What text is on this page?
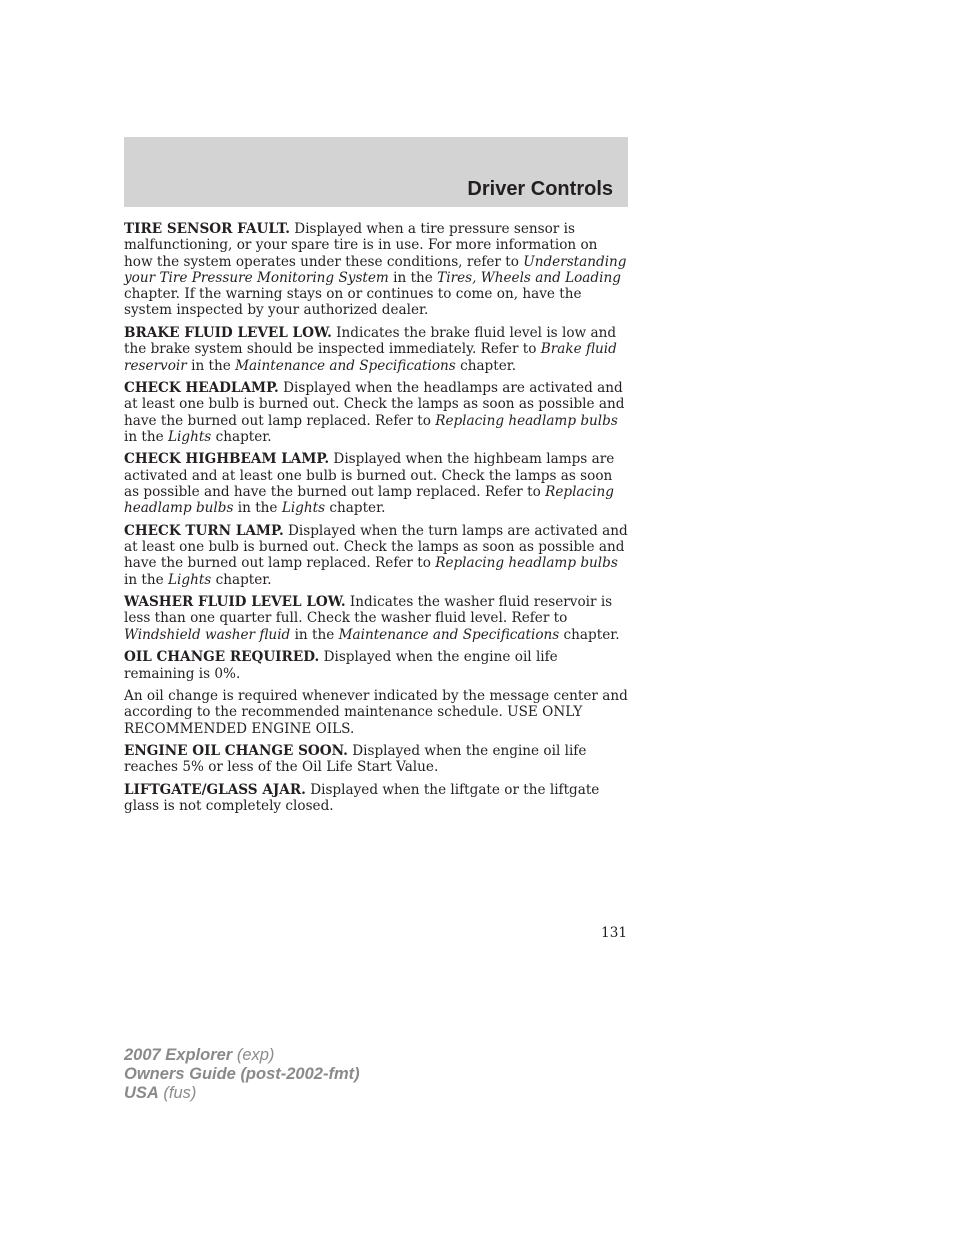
Driver Controls

TIRE SENSOR FAULT. Displayed when a tire pressure sensor is malfunctioning, or your spare tire is in use. For more information on how the system operates under these conditions, refer to Understanding your Tire Pressure Monitoring System in the Tires, Wheels and Loading chapter. If the warning stays on or continues to come on, have the system inspected by your authorized dealer.

BRAKE FLUID LEVEL LOW. Indicates the brake fluid level is low and the brake system should be inspected immediately. Refer to Brake fluid reservoir in the Maintenance and Specifications chapter.

CHECK HEADLAMP. Displayed when the headlamps are activated and at least one bulb is burned out. Check the lamps as soon as possible and have the burned out lamp replaced. Refer to Replacing headlamp bulbs in the Lights chapter.

CHECK HIGHBEAM LAMP. Displayed when the highbeam lamps are activated and at least one bulb is burned out. Check the lamps as soon as possible and have the burned out lamp replaced. Refer to Replacing headlamp bulbs in the Lights chapter.

CHECK TURN LAMP. Displayed when the turn lamps are activated and at least one bulb is burned out. Check the lamps as soon as possible and have the burned out lamp replaced. Refer to Replacing headlamp bulbs in the Lights chapter.

WASHER FLUID LEVEL LOW. Indicates the washer fluid reservoir is less than one quarter full. Check the washer fluid level. Refer to Windshield washer fluid in the Maintenance and Specifications chapter.

OIL CHANGE REQUIRED. Displayed when the engine oil life remaining is 0%.

An oil change is required whenever indicated by the message center and according to the recommended maintenance schedule. USE ONLY RECOMMENDED ENGINE OILS.

ENGINE OIL CHANGE SOON. Displayed when the engine oil life reaches 5% or less of the Oil Life Start Value.

LIFTGATE/GLASS AJAR. Displayed when the liftgate or the liftgate glass is not completely closed.

131
2007 Explorer (exp)
Owners Guide (post-2002-fmt)
USA (fus)
